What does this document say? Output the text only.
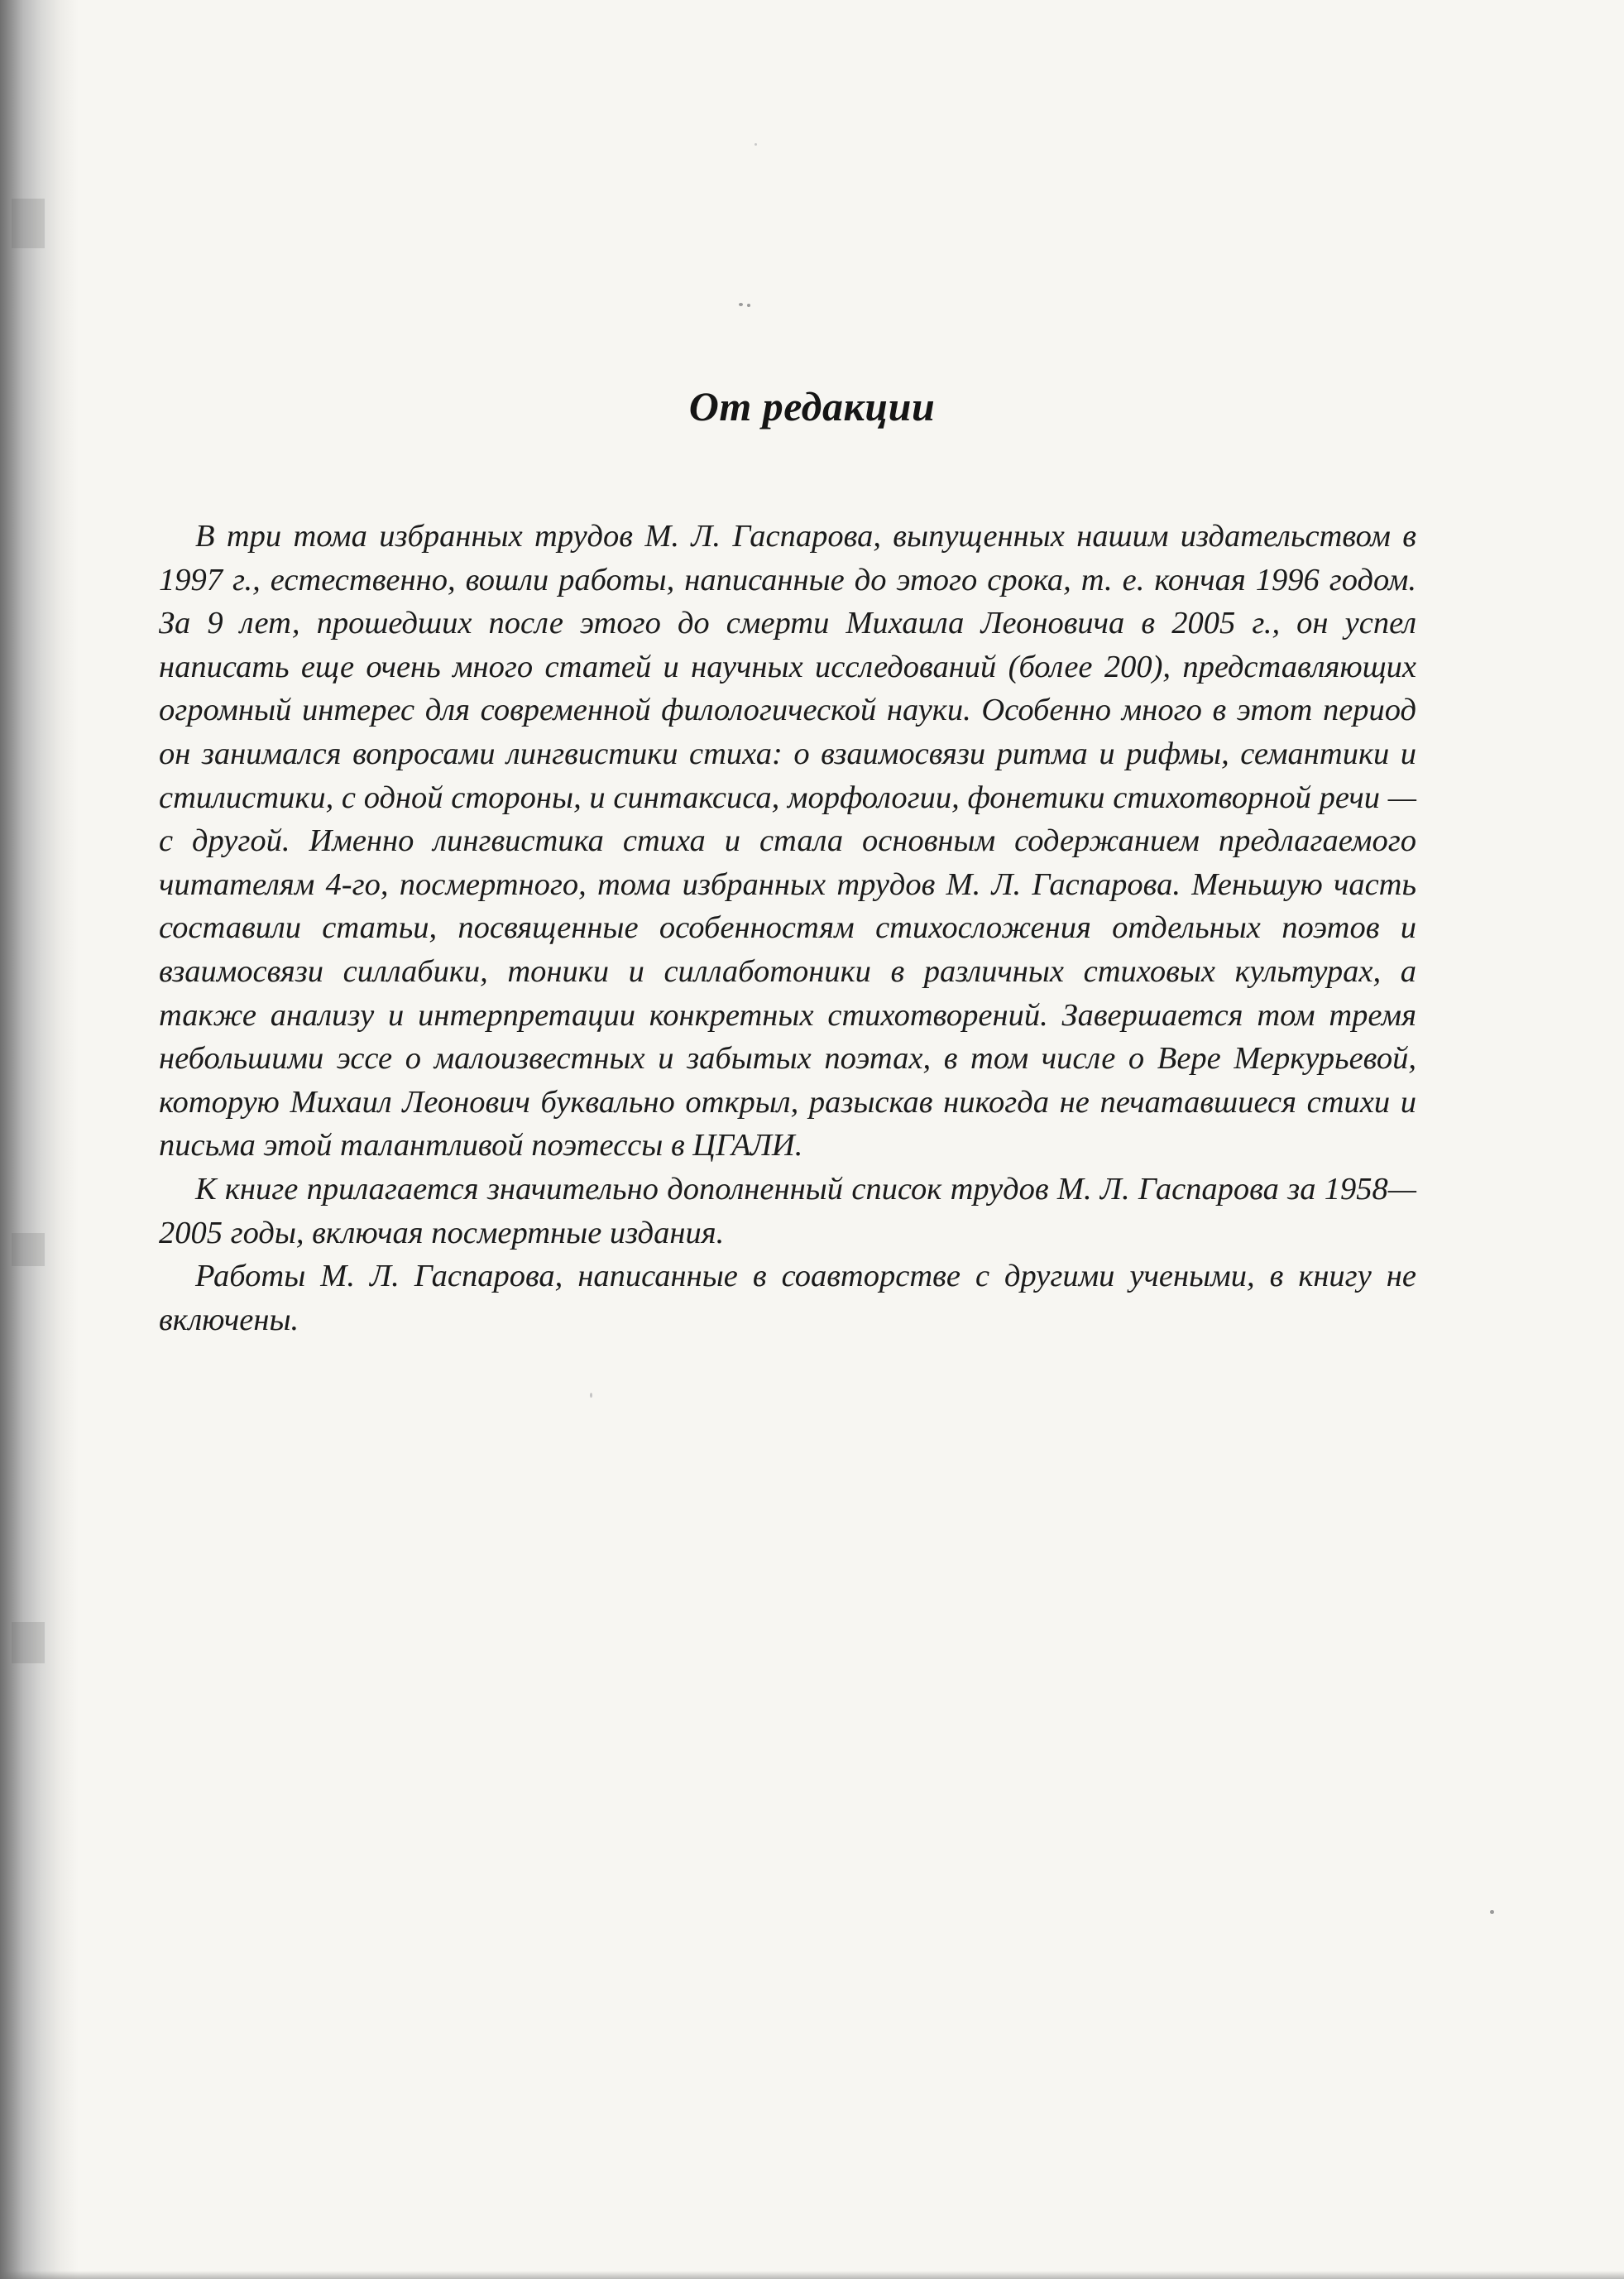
От редакции

В три тома избранных трудов М. Л. Гаспарова, выпущенных нашим издательством в 1997 г., естественно, вошли работы, написанные до этого срока, т. е. кончая 1996 годом. За 9 лет, прошедших после этого до смерти Михаила Леоновича в 2005 г., он успел написать еще очень много статей и научных исследований (более 200), представляющих огромный интерес для современной филологической науки. Особенно много в этот период он занимался вопросами лингвистики стиха: о взаимосвязи ритма и рифмы, семантики и стилистики, с одной стороны, и синтаксиса, морфологии, фонетики стихотворной речи — с другой. Именно лингвистика стиха и стала основным содержанием предлагаемого читателям 4-го, посмертного, тома избранных трудов М. Л. Гаспарова. Меньшую часть составили статьи, посвященные особенностям стихосложения отдельных поэтов и взаимосвязи силлабики, тоники и силлаботоники в различных стиховых культурах, а также анализу и интерпретации конкретных стихотворений. Завершается том тремя небольшими эссе о малоизвестных и забытых поэтах, в том числе о Вере Меркурьевой, которую Михаил Леонович буквально открыл, разыскав никогда не печатавшиеся стихи и письма этой талантливой поэтессы в ЦГАЛИ.

К книге прилагается значительно дополненный список трудов М. Л. Гаспарова за 1958—2005 годы, включая посмертные издания.

Работы М. Л. Гаспарова, написанные в соавторстве с другими учеными, в книгу не включены.
